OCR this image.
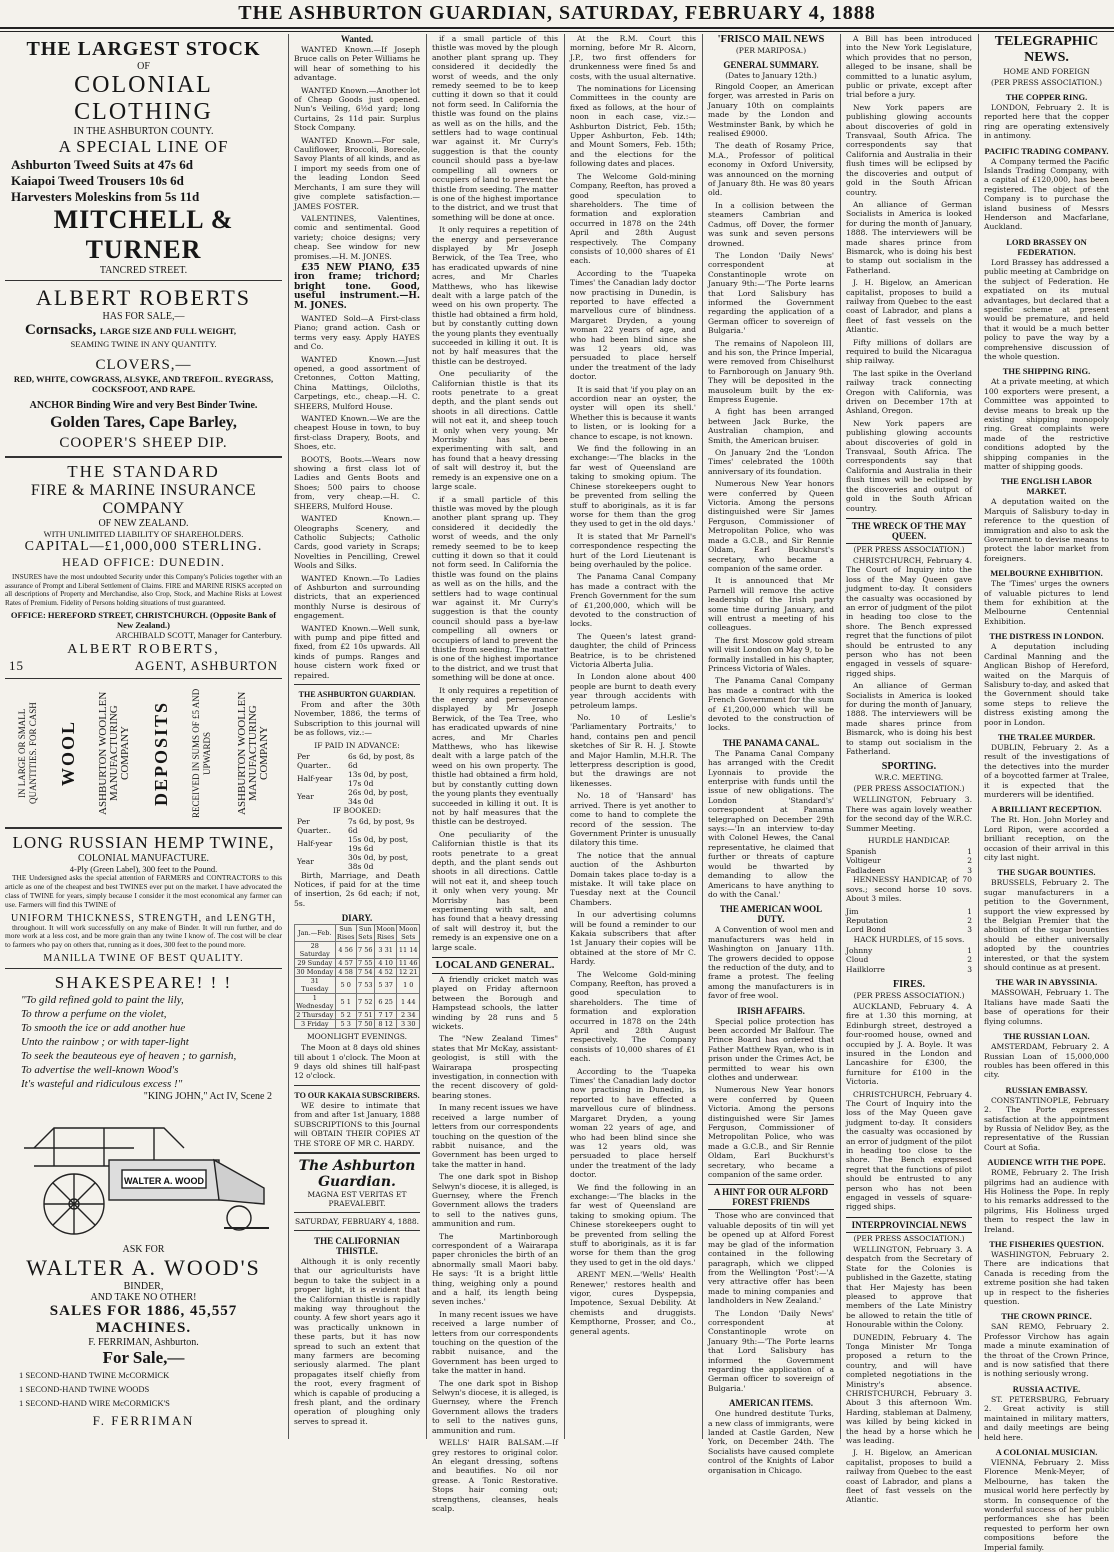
THE ASHBURTON GUARDIAN, SATURDAY, FEBRUARY 4, 1888
THE LARGEST STOCK
OF
COLONIAL CLOTHING
IN THE ASHBURTON COUNTY.
A SPECIAL LINE OF
Ashburton Tweed Suits at 47s 6d
Kaiapoi Tweed Trousers 10s 6d
Harvesters Moleskins from 5s 11d
MITCHELL & TURNER
TANCRED STREET.
ALBERT ROBERTS
HAS FOR SALE,—
Cornsacks, LARGE SIZE AND FULL WEIGHT,
SEAMING TWINE IN ANY QUANTITY.
CLOVERS,—
RED, WHITE, COWGRASS, ALSYKE, AND TREFOIL. RYEGRASS, COCKSFOOT, AND RAPE.
ANCHOR Binding Wire and very Best Binder Twine.
Golden Tares, Cape Barley,
COOPER'S SHEEP DIP.
THE STANDARD
FIRE & MARINE INSURANCE COMPANY
OF NEW ZEALAND.
WITH UNLIMITED LIABILITY OF SHAREHOLDERS.
CAPITAL—£1,000,000 STERLING.
HEAD OFFICE: DUNEDIN.

INSURES have the most undoubted Security under this Company's Policies together with an assurance of Prompt and Liberal Settlement of Claims. FIRE and MARINE RISKS accepted on all descriptions of Property and Merchandise, also Crop, Stock, and Machine Risks at Lowest Rates of Premium. Fidelity of Persons holding situations of trust guaranteed.

OFFICE: HEREFORD STREET, CHRISTCHURCH. (Opposite Bank of New Zealand.)
ARCHIBALD SCOTT, Manager for Canterbury.
ALBERT ROBERTS,
15	AGENT, ASHBURTON
IN LARGE OR SMALL QUANTITIES. FOR CASH WOOL ASHBURTON WOOLLEN MANUFACTURING COMPANY DEPOSITS RECEIVED IN SUMS OF £5 AND UPWARDS ASHBURTON WOOLLEN MANUFACTURING COMPANY
LONG RUSSIAN HEMP TWINE,
COLONIAL MANUFACTURE.
4-Ply (Green Label), 300 feet to the Pound.

THE Undersigned asks the special attention of FARMERS and CONTRACTORS to this article as one of the cheapest and best TWINES ever put on the market. I have advocated the class of TWINE for years, simply because I consider it the most economical any farmer can use. Farmers will find this TWINE of

UNIFORM THICKNESS, STRENGTH, and LENGTH,

throughout. It will work successfully on any make of Binder. It will run further, and do more work at a less cost, and be more grain than any twine I know of. The cost will be clear to farmers who pay on others that, running as it does, 300 feet to the pound more.

MANILLA TWINE OF BEST QUALITY.
SHAKESPEARE! ! !
"To gild refined gold to paint the lily,
To throw a perfume on the violet,
To smooth the ice or add another hue
Unto the rainbow ; or with taper-light
To seek the beauteous eye of heaven ; to garnish,
To advertise the well-known Wood's
It's wasteful and ridiculous excess !"
"KING JOHN," Act IV, Scene 2
WALTER A. WOOD
ASK FOR
WALTER A. WOOD'S
BINDER,
AND TAKE NO OTHER!
SALES FOR 1886, 45,557 MACHINES.
F. FERRIMAN, Ashburton.
For Sale,—
1 SECOND-HAND TWINE McCORMICK
1 SECOND-HAND TWINE WOODS
1 SECOND-HAND WIRE McCORMICK'S
F. FERRIMAN
Wanted.

WANTED Known.—If Joseph Bruce calls on Peter Williams he will hear of something to his advantage.

WANTED Known.—Another lot of Cheap Goods just opened. Nun's Veiling, 6½d yard; long Curtains, 2s 11d pair. Surplus Stock Company.

WANTED Known.—For sale, Cauliflower, Broccoli, Borecole, Savoy Plants of all kinds, and as I import my seeds from one of the leading London Seed Merchants, I am sure they will give complete satisfaction.—JAMES FOSTER.

VALENTINES, Valentines, comic and sentimental. Good variety; choice designs; very cheap. See window for new promises.—H. M. JONES.

£35 NEW PIANO, £35 iron frame; trichord; bright tone. Good, useful instrument.—H. M. JONES.

WANTED Sold—A First-class Piano; grand action. Cash or terms very easy. Apply HAYES and Co.

WANTED Known.—Just opened, a good assortment of Cretonnes, Cotton Matting, China Mattings, Oilcloths, Carpetings, etc., cheap.—H. C. SHEERS, Mulford House.

WANTED Known.—We are the cheapest House in town, to buy first-class Drapery, Boots, and Shoes, etc.

BOOTS, Boots.—Wears now showing a first class lot of Ladies and Gents Boots and Shoes; 500 pairs to choose from, very cheap.—H. C. SHEERS, Mulford House.

WANTED Known.—Oleographs Scenery, and Catholic Subjects; Catholic Cards, good variety in Scraps; Novelties in Pencilling, Crewel Wools and Silks.

WANTED Known.—To Ladies of Ashburton and surrounding districts, that an experienced monthly Nurse is desirous of engagement.

WANTED Known.—Well sunk, with pump and pipe fitted and fixed, from £2 10s upwards. All kinds of pumps. Ranges and house cistern work fixed or repaired.

THE ASHBURTON GUARDIAN.

From and after the 30th November, 1886, the terms of Subscription to this journal will be as follows, viz.:—

IF PAID IN ADVANCE:
Per Quarter..	6s 6d, by post, 8s 6d
Half-year	13s 0d, by post, 17s 0d
Year	26s 0d, by post, 34s 0d
IF BOOKED:
Per Quarter..	7s 6d, by post, 9s 6d
Half-year	15s 0d, by post, 19s 6d
Year	30s 0d, by post, 38s 0d

Birth, Marriage, and Death Notices, if paid for at the time of insertion, 2s 6d each; if not, 5s.

DIARY.
Jan.—Feb.	Sun Rises	Sun Sets	Moon Rises	Moon Sets
28 Saturday	4 56	7 56	3 31	11 14
29 Sunday	4 57	7 55	4 10	11 46
30 Monday	4 58	7 54	4 52	12 21
31 Tuesday	5 0	7 53	5 37	1 0
1 Wednesday	5 1	7 52	6 25	1 44
2 Thursday	5 2	7 51	7 17	2 34
3 Friday	5 3	7 50	8 12	3 30
MOONLIGHT EVENINGS.

The Moon at 8 days old shines till about 1 o'clock. The Moon at 9 days old shines till half-past 12 o'clock.

TO OUR KAKAIA SUBSCRIBERS.

WE desire to intimate that from and after 1st January, 1888 SUBSCRIPTIONS to this Journal will OBTAIN THEIR COPIES AT THE STORE OF MR C. HARDY.

The Ashburton Guardian.
MAGNA EST VERITAS ET PRAEVALEBIT.
SATURDAY, FEBRUARY 4, 1888.
THE CALIFORNIAN THISTLE.

Although it is only recently that our agriculturists have begun to take the subject in a proper light, it is evident that the Californian thistle is rapidly making way throughout the county. A few short years ago it was practically unknown in these parts, but it has now spread to such an extent that many farmers are becoming seriously alarmed. The plant propagates itself chiefly from the root, every fragment of which is capable of producing a fresh plant, and the ordinary operation of ploughing only serves to spread it.

if a small particle of this thistle was moved by the plough another plant sprang up. They considered it decidedly the worst of weeds, and the only remedy seemed to be to keep cutting it down so that it could not form seed. In California the thistle was found on the plains as well as on the hills, and the settlers had to wage continual war against it. Mr Curry's suggestion is that the county council should pass a bye-law compelling all owners or occupiers of land to prevent the thistle from seeding. The matter is one of the highest importance to the district, and we trust that something will be done at once.

It only requires a repetition of the energy and perseverance displayed by Mr Joseph Berwick, of the Tea Tree, who has eradicated upwards of nine acres, and Mr Charles Matthews, who has likewise dealt with a large patch of the weed on his own property. The thistle had obtained a firm hold, but by constantly cutting down the young plants they eventually succeeded in killing it out. It is not by half measures that the thistle can be destroyed.

One peculiarity of the Californian thistle is that its roots penetrate to a great depth, and the plant sends out shoots in all directions. Cattle will not eat it, and sheep touch it only when very young. Mr Morrisby has been experimenting with salt, and has found that a heavy dressing of salt will destroy it, but the remedy is an expensive one on a large scale.

if a small particle of this thistle was moved by the plough another plant sprang up. They considered it decidedly the worst of weeds, and the only remedy seemed to be to keep cutting it down so that it could not form seed. In California the thistle was found on the plains as well as on the hills, and the settlers had to wage continual war against it. Mr Curry's suggestion is that the county council should pass a bye-law compelling all owners or occupiers of land to prevent the thistle from seeding. The matter is one of the highest importance to the district, and we trust that something will be done at once.

It only requires a repetition of the energy and perseverance displayed by Mr Joseph Berwick, of the Tea Tree, who has eradicated upwards of nine acres, and Mr Charles Matthews, who has likewise dealt with a large patch of the weed on his own property. The thistle had obtained a firm hold, but by constantly cutting down the young plants they eventually succeeded in killing it out. It is not by half measures that the thistle can be destroyed.

One peculiarity of the Californian thistle is that its roots penetrate to a great depth, and the plant sends out shoots in all directions. Cattle will not eat it, and sheep touch it only when very young. Mr Morrisby has been experimenting with salt, and has found that a heavy dressing of salt will destroy it, but the remedy is an expensive one on a large scale.

LOCAL AND GENERAL.

A friendly cricket match was played on Friday afternoon between the Borough and Hampstead schools, the latter winding by 28 runs and 5 wickets.

The "New Zealand Times" states that Mr McKay, assistant-geologist, is still with the Wairarapa prospecting investigation, in connection with the recent discovery of gold-bearing stones.

In many recent issues we have received a large number of letters from our correspondents touching on the question of the rabbit nuisance, and the Government has been urged to take the matter in hand.

The one dark spot in Bishop Selwyn's diocese, it is alleged, is Guernsey, where the French Government allows the traders to sell to the natives guns, ammunition and rum.

The Martinborough correspondent of a Wairarapa paper chronicles the birth of an abnormally small Maori baby. He says: 'It is a bright little thing, weighing only a pound and a half, its length being seven inches.'

In many recent issues we have received a large number of letters from our correspondents touching on the question of the rabbit nuisance, and the Government has been urged to take the matter in hand.

The one dark spot in Bishop Selwyn's diocese, it is alleged, is Guernsey, where the French Government allows the traders to sell to the natives guns, ammunition and rum.

WELLS' HAIR BALSAM.—If grey restores to original color. An elegant dressing, softens and beautifies. No oil nor grease. A Tonic Restorative. Stops hair coming out; strengthens, cleanses, heals scalp.

At the R.M. Court this morning, before Mr R. Alcorn, J.P., two first offenders for drunkenness were fined 5s and costs, with the usual alternative.

The nominations for Licensing Committees in the county are fixed as follows, at the hour of noon in each case, viz.:—Ashburton District, Feb. 15th; Upper Ashburton, Feb. 14th; and Mount Somers, Feb. 15th; and the elections for the following dates and places.

The Welcome Gold-mining Company, Reefton, has proved a good speculation to shareholders. The time of formation and exploration occurred in 1878 on the 24th April and 28th August respectively. The Company consists of 10,000 shares of £1 each.

According to the 'Tuapeka Times' the Canadian lady doctor now practising in Dunedin, is reported to have effected a marvellous cure of blindness. Margaret Dryden, a young woman 22 years of age, and who had been blind since she was 12 years old, was persuaded to place herself under the treatment of the lady doctor.

It is said that 'if you play on an accordion near an oyster, the oyster will open its shell.' Whether this is because it wants to listen, or is looking for a chance to escape, is not known.

We find the following in an exchange:—'The blacks in the far west of Queensland are taking to smoking opium. The Chinese storekeepers ought to be prevented from selling the stuff to aboriginals, as it is far worse for them than the grog they used to get in the old days.'

It is stated that Mr Parnell's correspondence respecting the hurt of the Lord Lieutenant is being overhauled by the police.

The Panama Canal Company has made a contract with the French Government for the sum of £1,200,000, which will be devoted to the construction of locks.

The Queen's latest grand-daughter, the child of Princess Beatrice, is to be christened Victoria Alberta Julia.

In London alone about 400 people are burnt to death every year through accidents with petroleum lamps.

No. 10 of Leslie's 'Parliamentary Portraits,' to hand, contains pen and pencil sketches of Sir R. H. J. Stowte and Major Hamlin, M.H.R. The letterpress description is good, but the drawings are not likenesses.

No. 18 of 'Hansard' has arrived. There is yet another to come to hand to complete the record of the session. The Government Printer is unusually dilatory this time.

The notice that the annual auction of the Ashburton Domain takes place to-day is a mistake. It will take place on Tuesday next at the Council Chambers.

In our advertising columns will be found a reminder to our Kakaia subscribers that after 1st January their copies will be obtained at the store of Mr C. Hardy.

The Welcome Gold-mining Company, Reefton, has proved a good speculation to shareholders. The time of formation and exploration occurred in 1878 on the 24th April and 28th August respectively. The Company consists of 10,000 shares of £1 each.

According to the 'Tuapeka Times' the Canadian lady doctor now practising in Dunedin, is reported to have effected a marvellous cure of blindness. Margaret Dryden, a young woman 22 years of age, and who had been blind since she was 12 years old, was persuaded to place herself under the treatment of the lady doctor.

We find the following in an exchange:—'The blacks in the far west of Queensland are taking to smoking opium. The Chinese storekeepers ought to be prevented from selling the stuff to aboriginals, as it is far worse for them than the grog they used to get in the old days.'

ARENT MEN.—'Wells' Health Renewer,' restores health and vigor, cures Dyspepsia, Impotence, Sexual Debility. At chemists and druggists. Kempthorne, Prosser, and Co., general agents.

'FRISCO MAIL NEWS
(PER MARIPOSA.)
GENERAL SUMMARY.
(Dates to January 12th.)

Ringold Cooper, an American forger, was arrested in Paris on January 10th on complaints made by the London and Westminster Bank, by which he realised £9000.

The death of Rosamy Price, M.A., Professor of political economy in Oxford University, was announced on the morning of January 8th. He was 80 years old.

In a collision between the steamers Cambrian and Cadmus, off Dover, the former was sunk and seven persons drowned.

The London 'Daily News' correspondent at Constantinople wrote on January 9th:—'The Porte learns that Lord Salisbury has informed the Government regarding the application of a German officer to sovereign of Bulgaria.'

The remains of Napoleon III, and his son, the Prince Imperial, were removed from Chiselhurst to Farnborough on January 9th. They will be deposited in the mausoleum built by the ex-Empress Eugenie.

A fight has been arranged between Jack Burke, the Australian champion, and Smith, the American bruiser.

On January 2nd the 'London Times' celebrated the 100th anniversary of its foundation.

Numerous New Year honors were conferred by Queen Victoria. Among the persons distinguished were Sir James Ferguson, Commissioner of Metropolitan Police, who was made a G.C.B., and Sir Rennie Oldam, Earl Buckhurst's secretary, who became a companion of the same order.

It is announced that Mr Parnell will remove the active leadership of the Irish party some time during January, and will entrust a meeting of his colleagues.

The first Moscow gold stream will visit London on May 9, to be formally installed in his chapter, Princess Victoria of Wales.

The Panama Canal Company has made a contract with the French Government for the sum of £1,200,000 which will be devoted to the construction of locks.

THE PANAMA CANAL.

The Panama Canal Company has arranged with the Credit Lyonnais to provide the enterprise with funds until the issue of new obligations. The London 'Standard's' correspondent at Panama telegraphed on December 29th says:—'In an interview to-day with Colonel Hewes, the Canal representative, he claimed that further or threats of capture would be thwarted by demanding to allow the Americans to have anything to do with the Canal.'

THE AMERICAN WOOL DUTY.

A Convention of wool men and manufacturers was held in Washington on January 11th. The growers decided to oppose the reduction of the duty, and to frame a protest. The feeling among the manufacturers is in favor of free wool.

IRISH AFFAIRS.

Special police protection has been accorded Mr Balfour. The Prince Board has ordered that Father Matthew Ryan, who is in prison under the Crimes Act, be permitted to wear his own clothes and underwear.

Numerous New Year honors were conferred by Queen Victoria. Among the persons distinguished were Sir James Ferguson, Commissioner of Metropolitan Police, who was made a G.C.B., and Sir Rennie Oldam, Earl Buckhurst's secretary, who became a companion of the same order.

A HINT FOR OUR ALFORD FOREST FRIENDS

Those who are convinced that valuable deposits of tin will yet be opened up at Alford Forest may be glad of the information contained in the following paragraph, which we clipped from the Wellington 'Post':—'A very attractive offer has been made to mining companies and landholders in New Zealand.'

The London 'Daily News' correspondent at Constantinople wrote on January 9th:—'The Porte learns that Lord Salisbury has informed the Government regarding the application of a German officer to sovereign of Bulgaria.'

AMERICAN ITEMS.

One hundred destitute Turks, a new class of immigrants, were landed at Castle Garden, New York, on December 24th. The Socialists have caused complete control of the Knights of Labor organisation in Chicago.

A Bill has been introduced into the New York Legislature, which provides that no person, alleged to be insane, shall be committed to a lunatic asylum, public or private, except after trial before a jury.

New York papers are publishing glowing accounts about discoveries of gold in Transvaal, South Africa. The correspondents say that California and Australia in their flush times will be eclipsed by the discoveries and output of gold in the South African country.

An alliance of German Socialists in America is looked for during the month of January, 1888. The interviewers will be made shares prince from Bismarck, who is doing his best to stamp out socialism in the Fatherland.

J. H. Bigelow, an American capitalist, proposes to build a railway from Quebec to the east coast of Labrador, and plans a fleet of fast vessels on the Atlantic.

Fifty millions of dollars are required to build the Nicaragua ship railway.

The last spike in the Overland railway track connecting Oregon with California, was driven on December 17th at Ashland, Oregon.

New York papers are publishing glowing accounts about discoveries of gold in Transvaal, South Africa. The correspondents say that California and Australia in their flush times will be eclipsed by the discoveries and output of gold in the South African country.

THE WRECK OF THE MAY QUEEN.
(PER PRESS ASSOCIATION.)

CHRISTCHURCH, February 4. The Court of Inquiry into the loss of the May Queen gave judgment to-day. It considers the casualty was occasioned by an error of judgment of the pilot in heading too close to the shore. The Bench expressed regret that the functions of pilot should be entrusted to any person who has not been engaged in vessels of square-rigged ships.

An alliance of German Socialists in America is looked for during the month of January, 1888. The interviewers will be made shares prince from Bismarck, who is doing his best to stamp out socialism in the Fatherland.

SPORTING.
W.R.C. MEETING.
(PER PRESS ASSOCIATION.)

WELLINGTON, February 3. There was again lovely weather for the second day of the W.R.C. Summer Meeting.

HURDLE HANDICAP.
Spanish	1
Voltigeur	2
Fadladeen	3

HENNESSY HANDICAP, of 70 sovs.; second horse 10 sovs. About 3 miles.

Jim	1
Reputation	2
Lord Bond	3
HACK HURDLES, of 15 sovs.
Johnny	1
Cloud	2
Hailklorre	3
FIRES.
(PER PRESS ASSOCIATION.)

AUCKLAND, February 4. A fire at 1.30 this morning, at Edinburgh street, destroyed a four-roomed house, owned and occupied by J. A. Boyle. It was insured in the London and Lancashire for £300, the furniture for £100 in the Victoria.

CHRISTCHURCH, February 4. The Court of Inquiry into the loss of the May Queen gave judgment to-day. It considers the casualty was occasioned by an error of judgment of the pilot in heading too close to the shore. The Bench expressed regret that the functions of pilot should be entrusted to any person who has not been engaged in vessels of square-rigged ships.

INTERPROVINCIAL NEWS
(PER PRESS ASSOCIATION.)

WELLINGTON, February 3. A despatch from the Secretary of State for the Colonies is published in the Gazette, stating that Her Majesty has been pleased to approve that members of the Late Ministry be allowed to retain the title of Honourable within the Colony.

DUNEDIN, February 4. The Tonga Minister Mr Tonga proposed a return to the country, and will have completed negotiations in the Ministry's absence. CHRISTCHURCH, February 3. About 3 this afternoon Wm. Harding, stableman at Dalmeny, was killed by being kicked in the head by a horse which he was leading.

J. H. Bigelow, an American capitalist, proposes to build a railway from Quebec to the east coast of Labrador, and plans a fleet of fast vessels on the Atlantic.

TELEGRAPHIC NEWS.
HOME AND FOREIGN
(PER PRESS ASSOCIATION.)
THE COPPER RING.

LONDON, February 2. It is reported here that the copper ring are operating extensively in antimony.

PACIFIC TRADING COMPANY.

A Company termed the Pacific Islands Trading Company, with a capital of £120,000, has been registered. The object of the Company is to purchase the island business of Messrs Henderson and Macfarlane, Auckland.

LORD BRASSEY ON FEDERATION.

Lord Brassey has addressed a public meeting at Cambridge on the subject of Federation. He expatiated on its mutual advantages, but declared that a specific scheme at present would be premature, and held that it would be a much better policy to pave the way by a comprehensive discussion of the whole question.

THE SHIPPING RING.

At a private meeting, at which 100 exporters were present, a Committee was appointed to devise means to break up the existing shipping monopoly ring. Great complaints were made of the restrictive conditions adopted by the shipping companies in the matter of shipping goods.

THE ENGLISH LABOR MARKET.

A deputation waited on the Marquis of Salisbury to-day in reference to the question of immigration and also to ask the Government to devise means to protect the labor market from foreigners.

MELBOURNE EXHIBITION.

The 'Times' urges the owners of valuable pictures to lend them for exhibition at the Melbourne Centennial Exhibition.

THE DISTRESS IN LONDON.

A deputation including Cardinal Manning and the Anglican Bishop of Hereford, waited on the Marquis of Salisbury to-day, and asked that the Government should take some steps to relieve the distress existing among the poor in London.

THE TRALEE MURDER.

DUBLIN, February 2. As a result of the investigations of the detectives into the murder of a boycotted farmer at Tralee, it is expected that the murderers will be identified.

A BRILLIANT RECEPTION.

The Rt. Hon. John Morley and Lord Ripon, were accorded a brilliant reception, on the occasion of their arrival in this city last night.

THE SUGAR BOUNTIES.

BRUSSELS, February 2. The sugar manufacturers in a petition to the Government, support the view expressed by the Belgian Premier that the abolition of the sugar bounties should be either universally adopted by the countries interested, or that the system should continue as at present.

THE WAR IN ABYSSINIA.

MASSOWAH, February 1. The Italians have made Saati the base of operations for their flying columns.

THE RUSSIAN LOAN.

AMSTERDAM, February 2. A Russian Loan of 15,000,000 roubles has been offered in this city.

RUSSIAN EMBASSY.

CONSTANTINOPLE, February 2. The Porte expresses satisfaction at the appointment by Russia of Nelidov Bey, as the representative of the Russian Court at Sofia.

AUDIENCE WITH THE POPE.

ROME, February 2. The Irish pilgrims had an audience with His Holiness the Pope. In reply to his remarks addressed to the pilgrims, His Holiness urged them to respect the law in Ireland.

THE FISHERIES QUESTION.

WASHINGTON, February 2. There are indications that Canada is receding from the extreme position she had taken up in respect to the fisheries question.

THE CROWN PRINCE.

SAN REMO, February 2. Professor Virchow has again made a minute examination of the throat of the Crown Prince, and is now satisfied that there is nothing seriously wrong.

RUSSIA ACTIVE.

ST. PETERSBURG, February 2. Great activity is still maintained in military matters, and daily meetings are being held here.

A COLONIAL MUSICIAN.

VIENNA, February 2. Miss Florence Menk-Meyer, of Melbourne, has taken the musical world here perfectly by storm. In consequence of the wonderful success of her public performances she has been requested to perform her own compositions before the Imperial family.
